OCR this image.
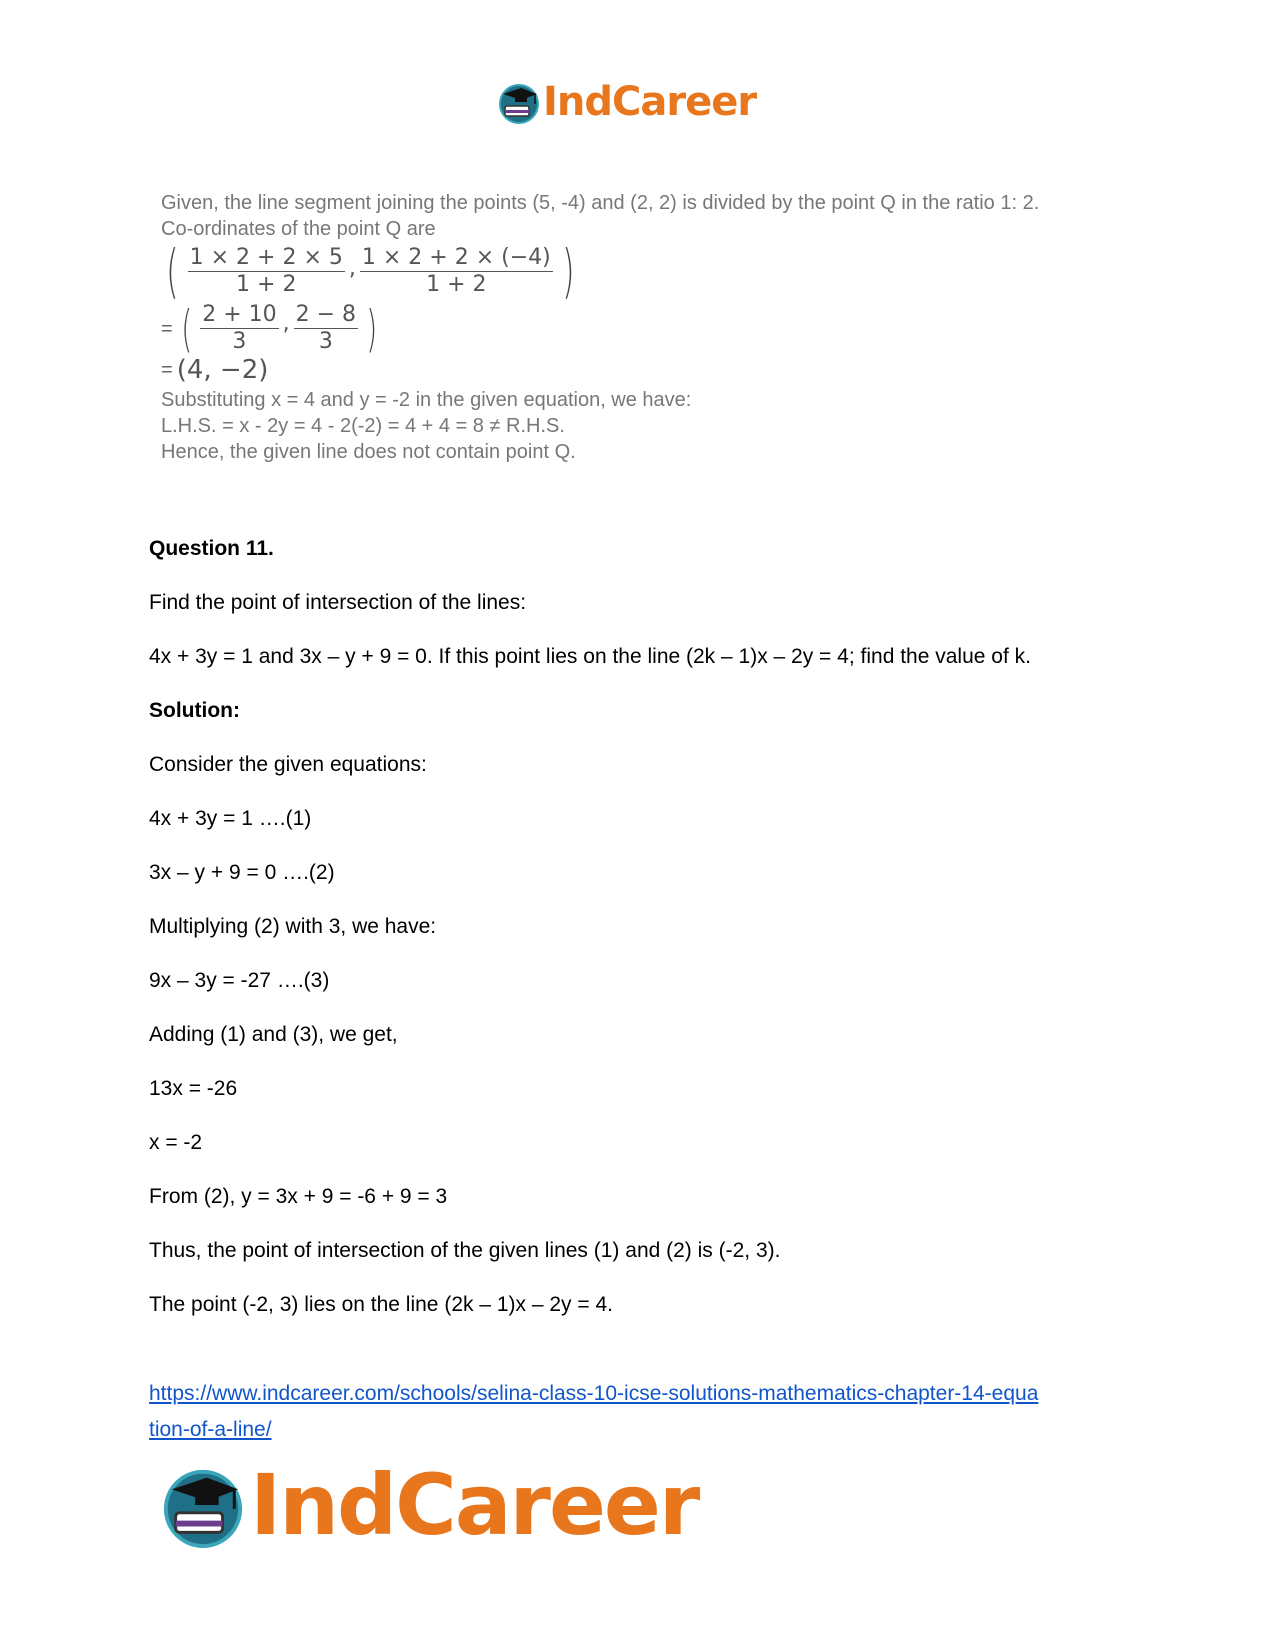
IndCareer
Given, the line segment joining the points (5, -4) and (2, 2) is divided by the point Q in the ratio 1: 2.
Co-ordinates of the point Q are
( $\frac{1 \times 2 + 2 \times 5}{1 + 2}$ , $\frac{1 \times 2 + 2 \times (-4)}{1 + 2}$ )
= ( $\frac{2 + 10}{3}$ , $\frac{2 - 8}{3}$ )
= (4, −2)
Substituting x = 4 and y = -2 in the given equation, we have:
L.H.S. = x - 2y = 4 - 2(-2) = 4 + 4 = 8 ≠ R.H.S.
Hence, the given line does not contain point Q.
Question 11.
Find the point of intersection of the lines:
4x + 3y = 1 and 3x – y + 9 = 0. If this point lies on the line (2k – 1)x – 2y = 4; find the value of k.
Solution:
Consider the given equations:
4x + 3y = 1 ….(1)
3x – y + 9 = 0 ….(2)
Multiplying (2) with 3, we have:
9x – 3y = -27 ….(3)
Adding (1) and (3), we get,
13x = -26
x = -2
From (2), y = 3x + 9 = -6 + 9 = 3
Thus, the point of intersection of the given lines (1) and (2) is (-2, 3).
The point (-2, 3) lies on the line (2k – 1)x – 2y = 4.
https://www.indcareer.com/schools/selina-class-10-icse-solutions-mathematics-chapter-14-equa
tion-of-a-line/
IndCareer
